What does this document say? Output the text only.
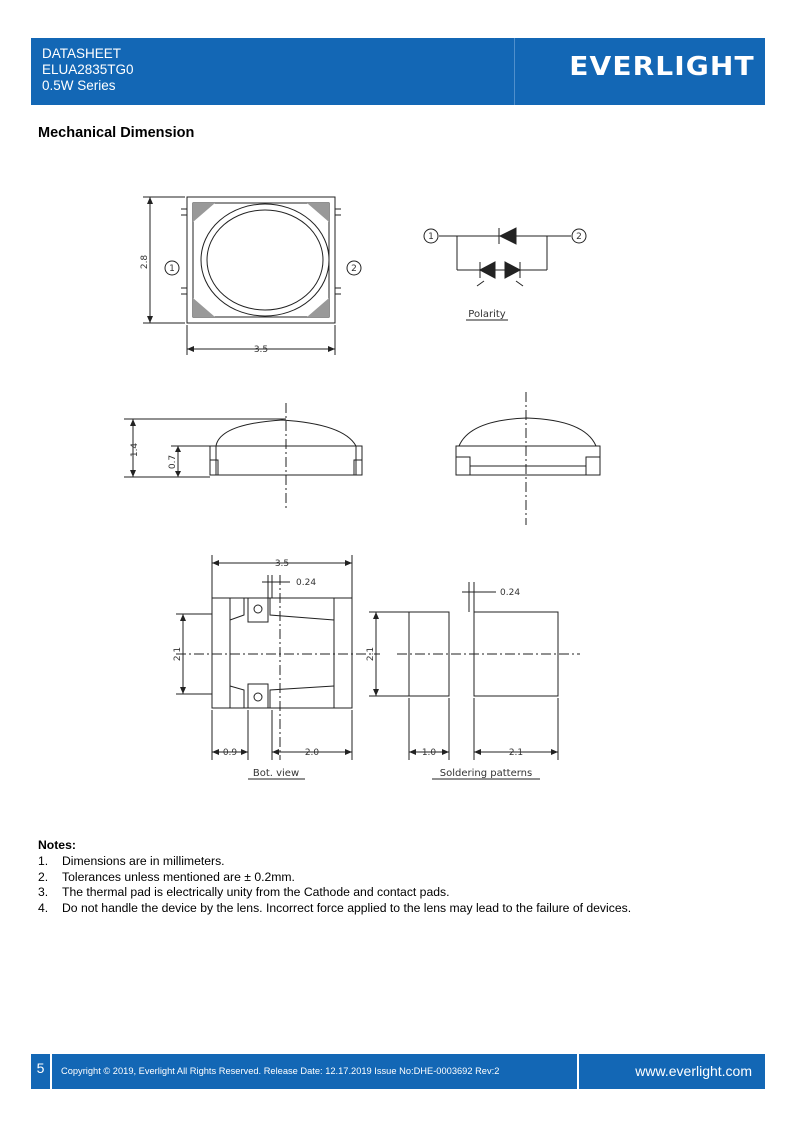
DATASHEET
ELUA2835TG0
0.5W Series
EVERLIGHT
Mechanical Dimension
2.8
3.5
1	2
1	2
Polarity
1.4
0.7
3.5
0.24
2.1
0.9	2.0
Bot. view
0.24
2.1
1.0	2.1
Soldering patterns
Notes:
1. Dimensions are in millimeters.
2. Tolerances unless mentioned are ± 0.2mm.
3. The thermal pad is electrically unity from the Cathode and contact pads.
4. Do not handle the device by the lens. Incorrect force applied to the lens may lead to the failure of devices.
5	Copyright © 2019, Everlight All Rights Reserved. Release Date: 12.17.2019 Issue No:DHE-0003692 Rev:2	www.everlight.com
